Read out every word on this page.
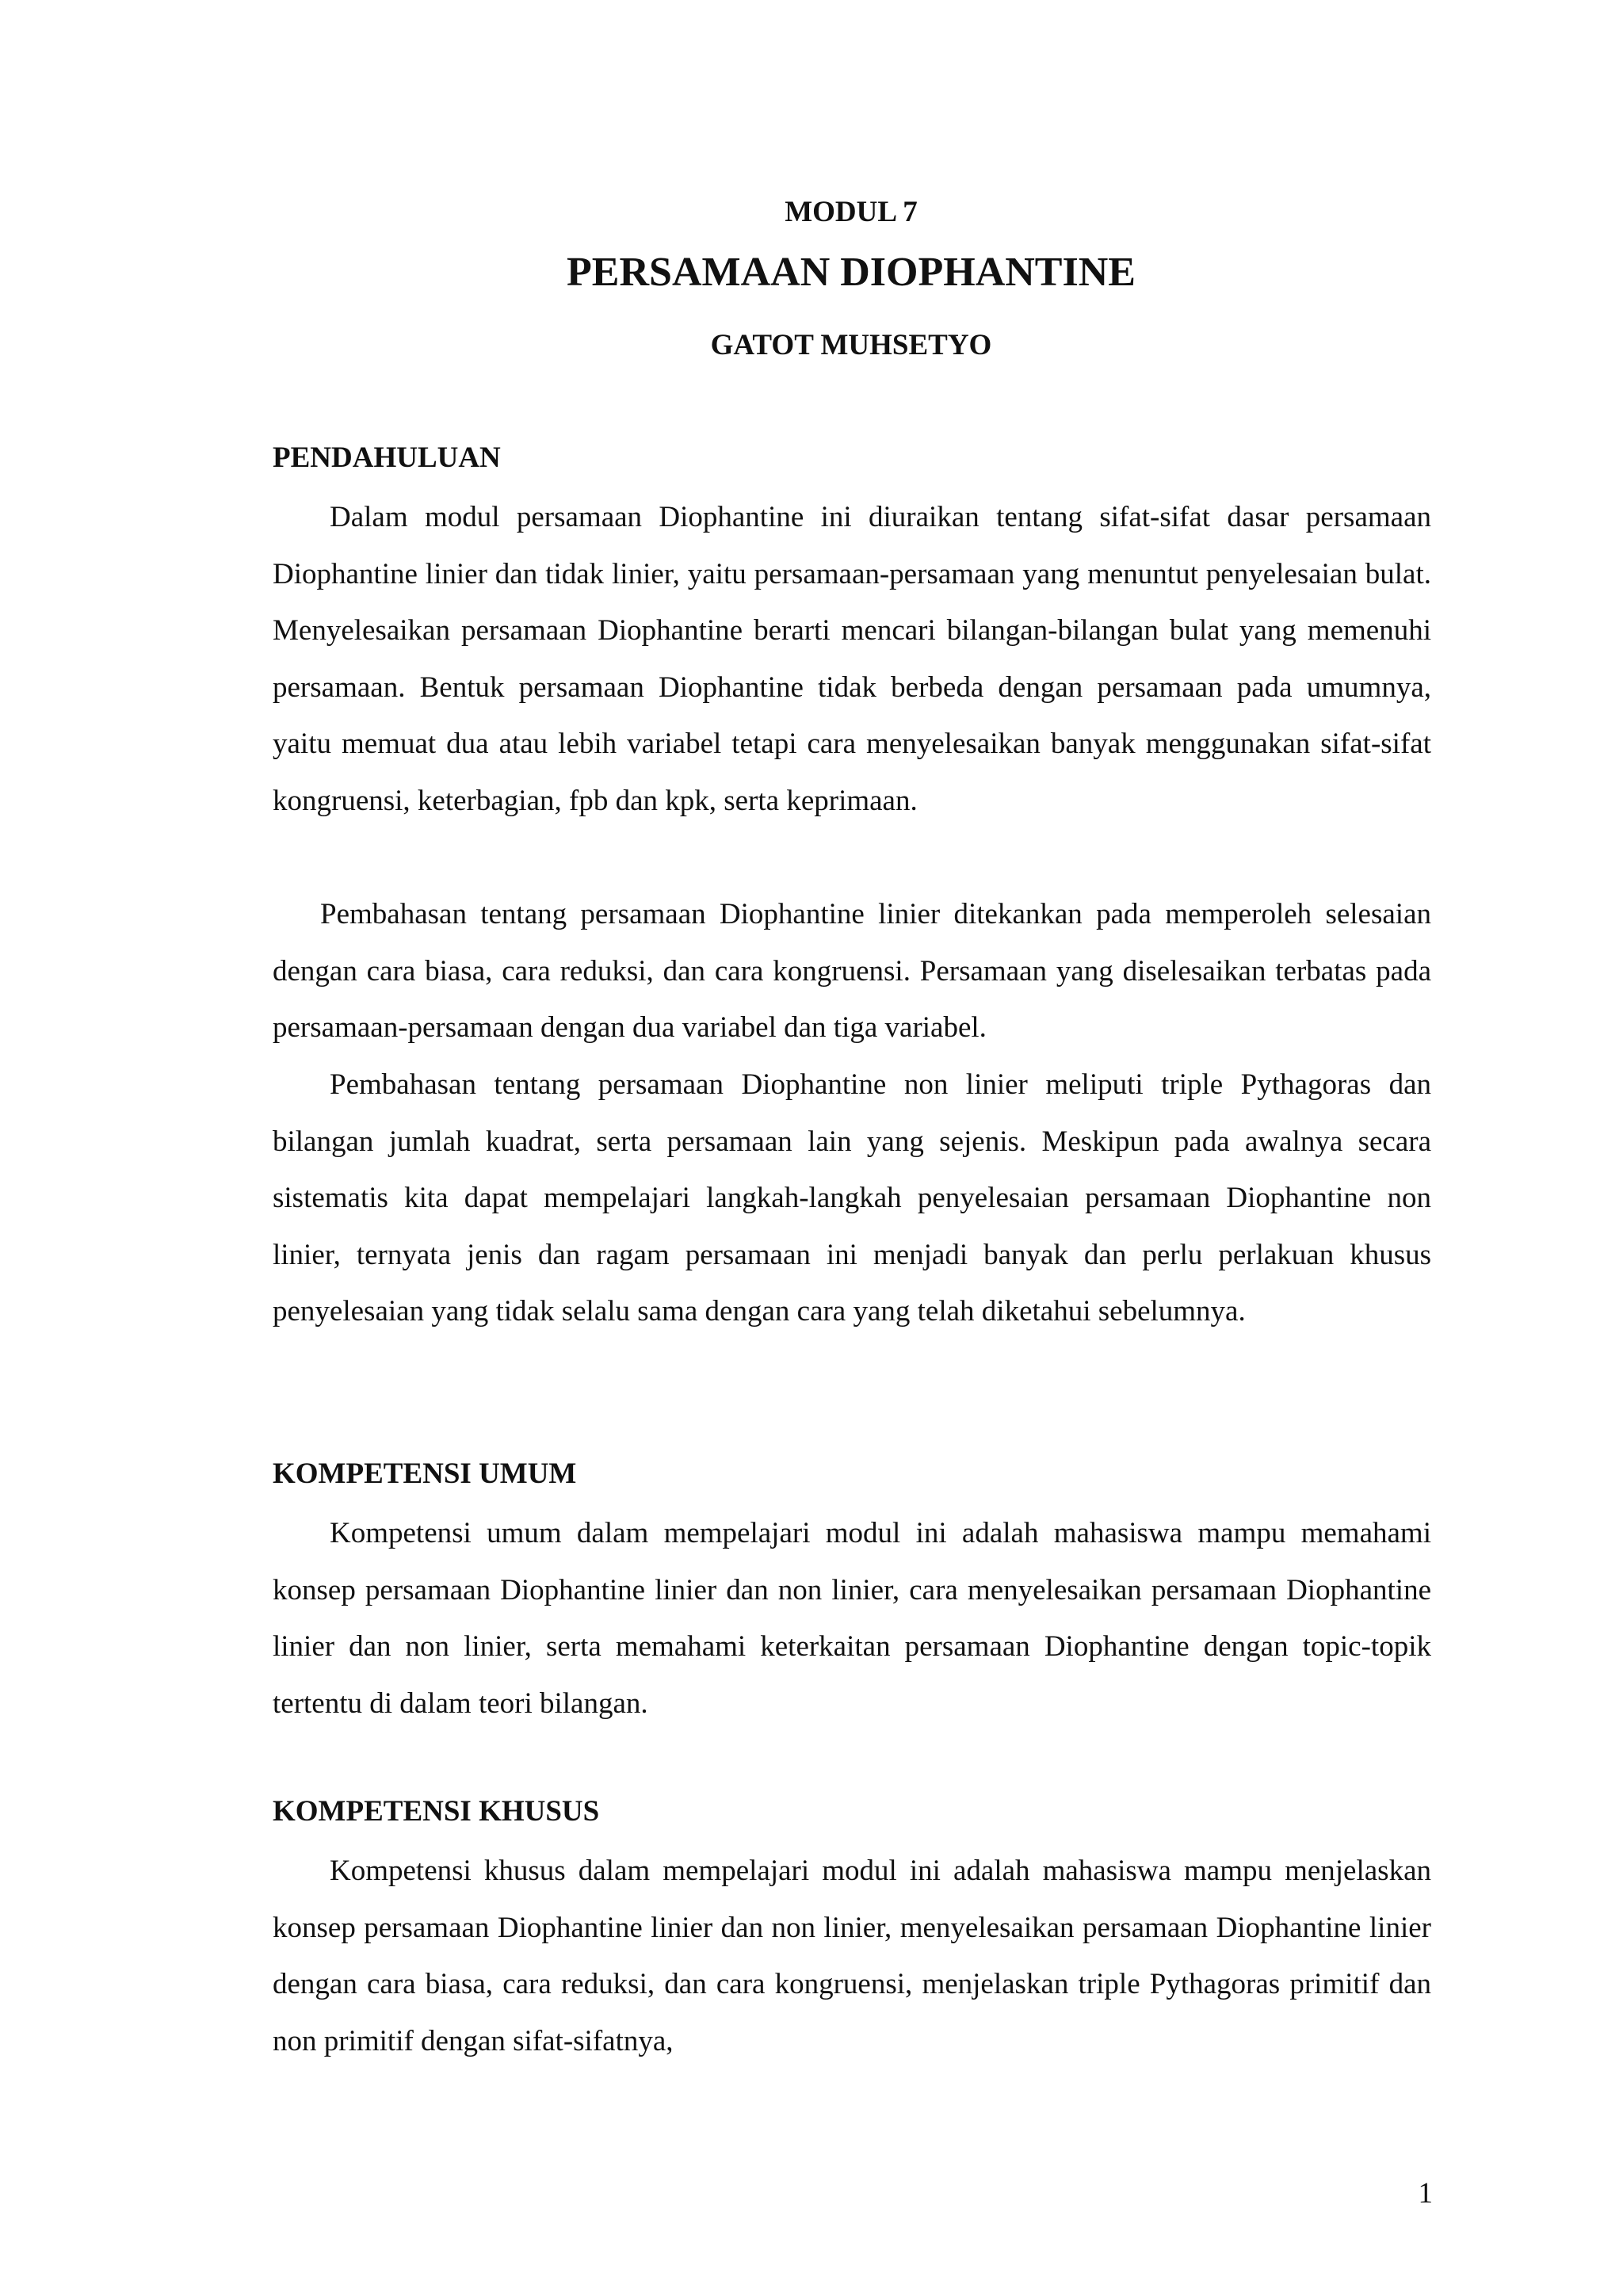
MODUL 7
PERSAMAAN DIOPHANTINE
GATOT MUHSETYO
PENDAHULUAN

Dalam modul persamaan Diophantine ini diuraikan tentang sifat-sifat dasar persamaan Diophantine linier dan tidak linier, yaitu persamaan-persamaan yang menuntut penyelesaian bulat. Menyelesaikan persamaan Diophantine berarti mencari bilangan-bilangan bulat yang memenuhi persamaan. Bentuk persamaan Diophantine tidak berbeda dengan persamaan pada umumnya, yaitu memuat dua atau lebih variabel tetapi cara menyelesaikan banyak menggunakan sifat-sifat kongruensi, keterbagian, fpb dan kpk, serta keprimaan.

Pembahasan tentang persamaan Diophantine linier ditekankan pada memperoleh selesaian dengan cara biasa, cara reduksi, dan cara kongruensi. Persamaan yang diselesaikan terbatas pada persamaan-persamaan dengan dua variabel dan tiga variabel.

Pembahasan tentang persamaan Diophantine non linier meliputi triple Pythagoras dan bilangan jumlah kuadrat, serta persamaan lain yang sejenis. Meskipun pada awalnya secara sistematis kita dapat mempelajari langkah-langkah penyelesaian persamaan Diophantine non linier, ternyata jenis dan ragam persamaan ini menjadi banyak dan perlu perlakuan khusus penyelesaian yang tidak selalu sama dengan cara yang telah diketahui sebelumnya.

KOMPETENSI UMUM

Kompetensi umum dalam mempelajari modul ini adalah mahasiswa mampu memahami konsep persamaan Diophantine linier dan non linier, cara menyelesaikan persamaan Diophantine linier dan non linier, serta memahami keterkaitan persamaan Diophantine dengan topic-topik tertentu di dalam teori bilangan.

KOMPETENSI KHUSUS

Kompetensi khusus dalam mempelajari modul ini adalah mahasiswa mampu menjelaskan konsep persamaan Diophantine linier dan non linier, menyelesaikan persamaan Diophantine linier dengan cara biasa, cara reduksi, dan cara kongruensi, menjelaskan triple Pythagoras primitif dan non primitif dengan sifat-sifatnya,

1
